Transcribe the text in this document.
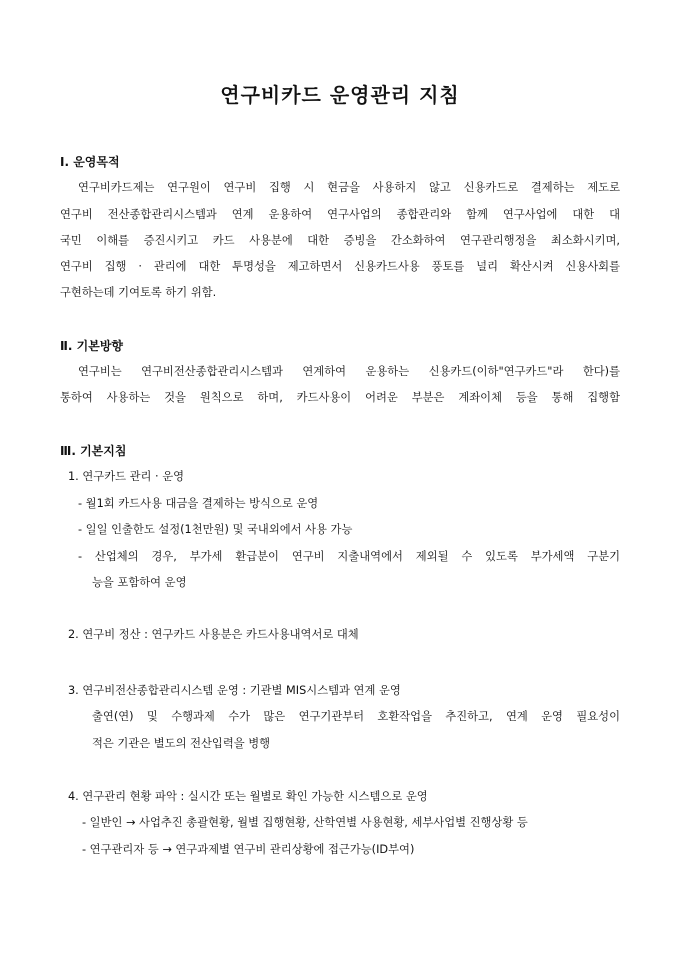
연구비카드 운영관리 지침
Ⅰ. 운영목적
연구비카드제는 연구원이 연구비 집행 시 현금을 사용하지 않고 신용카드로 결제하는 제도로
연구비 전산종합관리시스템과 연계 운용하여 연구사업의 종합관리와 함께 연구사업에 대한 대
국민 이해를 증진시키고 카드 사용분에 대한 증빙을 간소화하여 연구관리행정을 최소화시키며,
연구비 집행 · 관리에 대한 투명성을 제고하면서 신용카드사용 풍토를 널리 확산시켜 신용사회를
구현하는데 기여토록 하기 위함.
Ⅱ. 기본방향
연구비는 연구비전산종합관리시스템과 연계하여 운용하는 신용카드(이하"연구카드"라 한다)를
통하여 사용하는 것을 원칙으로 하며, 카드사용이 어려운 부분은 계좌이체 등을 통해 집행함
Ⅲ. 기본지침
1. 연구카드 관리 · 운영
- 월1회 카드사용 대금을 결제하는 방식으로 운영
- 일일 인출한도 설정(1천만원) 및 국내외에서 사용 가능
- 산업체의 경우, 부가세 환급분이 연구비 지출내역에서 제외될 수 있도록 부가세액 구분기
능을 포함하여 운영
2. 연구비 정산 : 연구카드 사용분은 카드사용내역서로 대체
3. 연구비전산종합관리시스템 운영 : 기관별 MIS시스템과 연계 운영
출연(연) 및 수행과제 수가 많은 연구기관부터 호환작업을 추진하고, 연계 운영 필요성이
적은 기관은 별도의 전산입력을 병행
4. 연구관리 현황 파악 : 실시간 또는 월별로 확인 가능한 시스템으로 운영
- 일반인 → 사업추진 총괄현황, 월별 집행현황, 산학연별 사용현황, 세부사업별 진행상황 등
- 연구관리자 등 → 연구과제별 연구비 관리상황에 접근가능(ID부여)
